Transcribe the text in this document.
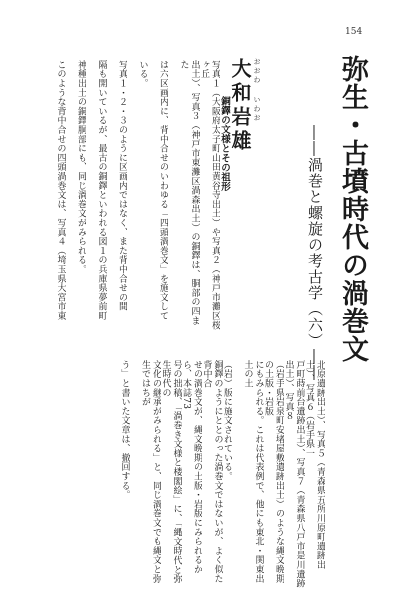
154
弥生・古墳時代の渦巻文
――渦巻と螺旋の考古学（六）――
おおわ
いわお
大和岩雄
銅鐸の文様とその祖形
写真１（大阪府太子町山田黄谷寺出土）や写真２（神戸市灘区桜ヶ丘
出土）、写真３（神戸市東灘区渦森出土）の銅鐸は、胴部の四また
は六区画内に、背中合せのいわゆる「四頭渦巻文」を施文して
いる。
写真１・２・３のように区画内ではなく、また背中合せの間
隔も開いているが、最古の銅鐸といわれる図１の兵庫県夢前町
神種出土の銅鐸胴部にも、同じ渦巻文がみられる。
このような背中合せの四頭渦巻文は、写真４（埼玉県大宮市東
北原遺跡出土）、写真５（青森県五所川原町遺跡出土）、写真６（岩手県一
戸町蒔前台遺跡出土）、写真７（青森県八戸市是川遺跡出土）、写真８
（岩手県岩泉町安堵屋敷遺跡出土）のような縄文晩期の土版・岩版
にもみられる。これは代表例で、他にも東北・関東出土の土
（岩）版に施文されている。
銅鐸のようにととのった渦巻文ではないが、よく似た背中合
せの渦巻文が、縄文晩期の土版・岩版にみられるから、本誌73
号の拙稿、「渦巻き文様と楼閣絵」に、「縄文時代と弥生時代の
文化の継承がみられる」と、同じ渦巻文でも縄文と弥生ではちが
う」と書いた文章は、撤回する。
